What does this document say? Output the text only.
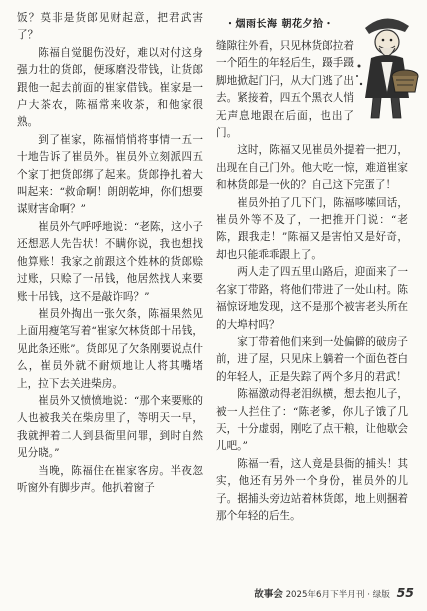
饭？莫非是货郎见财起意，把君武害了？

陈福自觉腿伤没好，难以对付这身强力壮的货郎，便琢磨没带钱，让货郎跟他一起去前面的崔家借钱。崔家是一户大茶农，陈福常来收茶，和他家很熟。

到了崔家，陈福悄悄将事情一五一十地告诉了崔员外。崔员外立刻派四五个家丁把货郎绑了起来。货郎挣扎着大叫起来：“救命啊！朗朗乾坤，你们想要谋财害命啊？”

崔员外气呼呼地说：“老陈，这小子还想恶人先告状！不瞒你说，我也想找他算账！我家之前跟这个姓林的货郎赊过账，只赊了一吊钱，他居然找人来要账十吊钱，这不是敲诈吗？”

崔员外掏出一张欠条，陈福果然见上面用瘦笔写着“崔家欠林货郎十吊钱，见此条还账”。货郎见了欠条刚要说点什么，崔员外就不耐烦地让人将其嘴堵上，拉下去关进柴房。

崔员外又愤愤地说：“那个来要账的人也被我关在柴房里了，等明天一早，我就押着二人到县衙里问罪，到时自然见分晓。”

当晚，陈福住在崔家客房。半夜忽听窗外有脚步声。他扒着窗子

・烟雨长海 朝花夕拾・

缝隙往外看，只见林货郎拉着一个陌生的年轻后生，蹑手蹑脚地掀起门闩，从大门逃了出去。紧接着，四五个黑衣人悄无声息地跟在后面，也出了门。

这时，陈福又见崔员外提着一把刀，出现在自己门外。他大吃一惊，难道崔家和林货郎是一伙的？自己这下完蛋了！

崔员外拍了几下门，陈福哆嗦回话，崔员外等不及了，一把推开门说：“老陈，跟我走！”陈福又是害怕又是好奇，却也只能乖乖跟上了。

两人走了四五里山路后，迎面来了一名家丁带路，将他们带进了一处山村。陈福惊讶地发现，这不是那个被害老头所在的大埠村吗？

家丁带着他们来到一处偏僻的破房子前，进了屋，只见床上躺着一个面色苍白的年轻人，正是失踪了两个多月的君武！

陈福激动得老泪纵横，想去抱儿子，被一人拦住了：“陈老爹，你儿子饿了几天，十分虚弱，刚吃了点干粮，让他歇会儿吧。”

陈福一看，这人竟是县衙的捕头！其实，他还有另外一个身份，崔员外的儿子。据捕头旁边站着林货郎，地上则捆着那个年轻的后生。

故事会 2025年6月下半月刊 · 绿版 55
